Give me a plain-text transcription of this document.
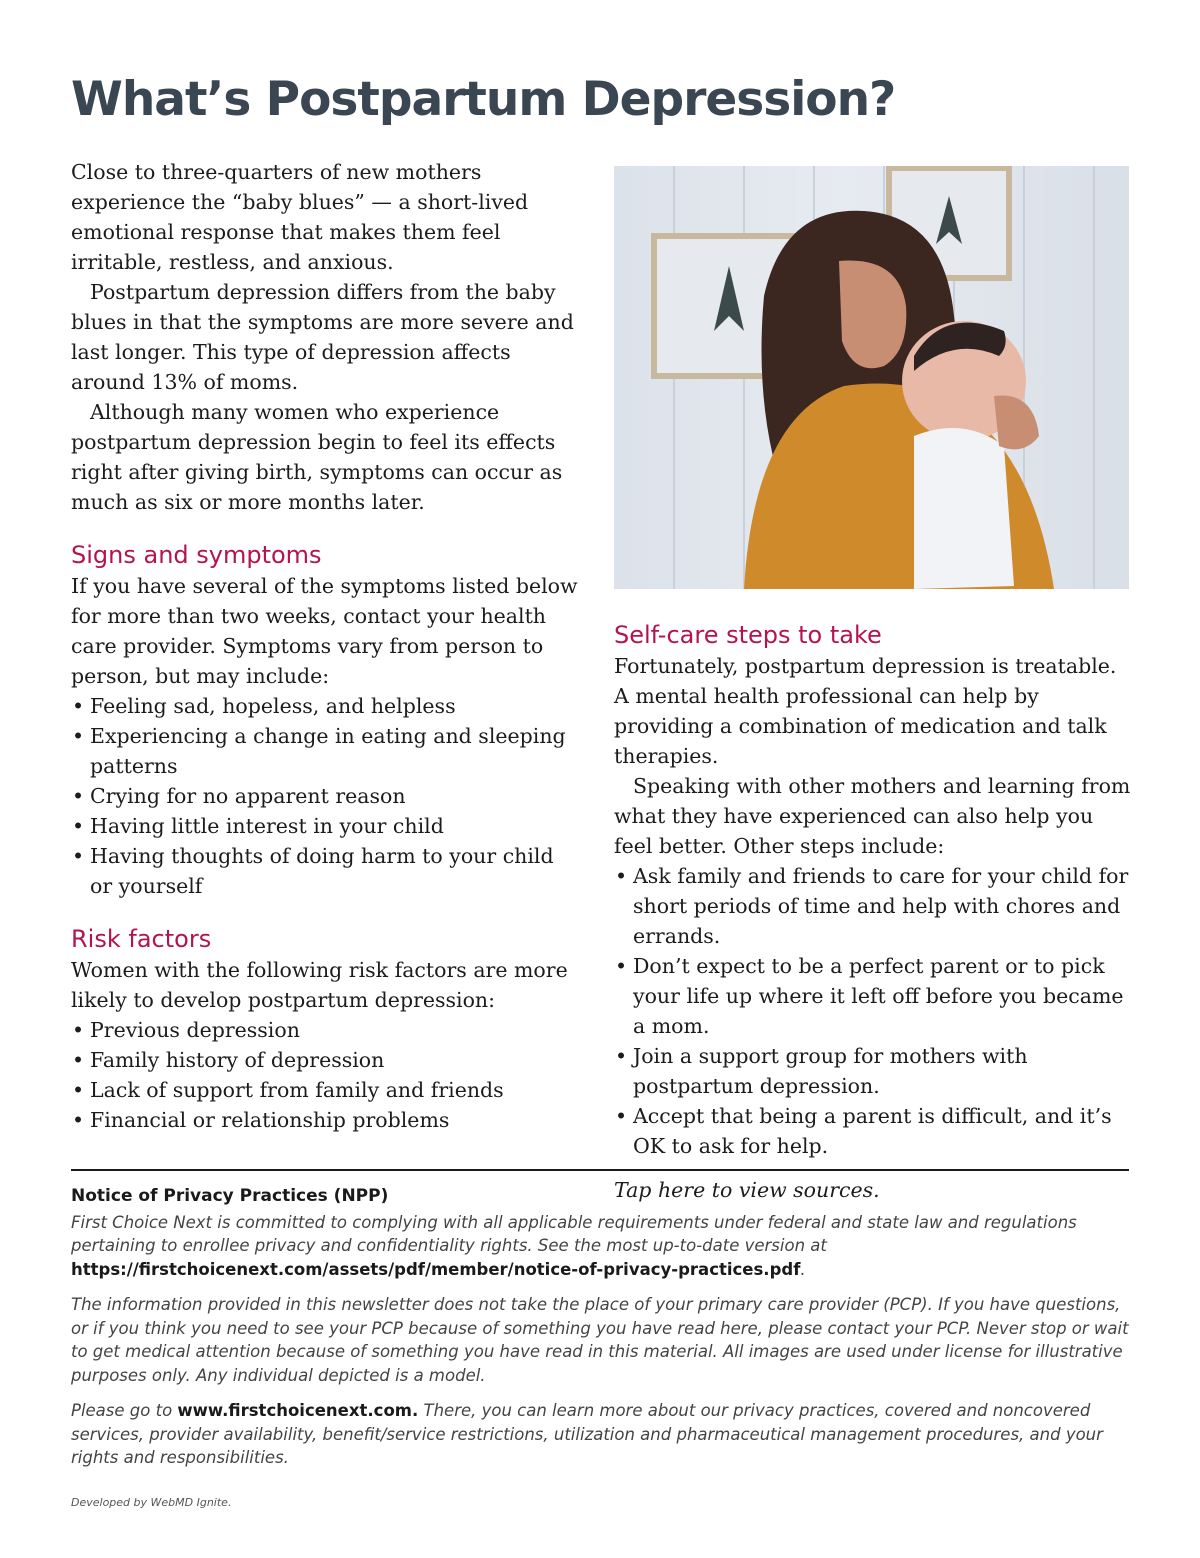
What’s Postpartum Depression?

Close to three-quarters of new mothers experience the “baby blues” — a short-lived emotional response that makes them feel irritable, restless, and anxious.

Postpartum depression differs from the baby blues in that the symptoms are more severe and last longer. This type of depression affects around 13% of moms.

Although many women who experience postpartum depression begin to feel its effects right after giving birth, symptoms can occur as much as six or more months later.

Signs and symptoms

If you have several of the symptoms listed below for more than two weeks, contact your health care provider. Symptoms vary from person to person, but may include:

• Feeling sad, hopeless, and helpless
• Experiencing a change in eating and sleeping patterns
• Crying for no apparent reason
• Having little interest in your child
• Having thoughts of doing harm to your child or yourself
Risk factors

Women with the following risk factors are more likely to develop postpartum depression:

• Previous depression
• Family history of depression
• Lack of support from family and friends
• Financial or relationship problems
Self-care steps to take

Fortunately, postpartum depression is treatable. A mental health professional can help by providing a combination of medication and talk therapies.

Speaking with other mothers and learning from what they have experienced can also help you feel better. Other steps include:

• Ask family and friends to care for your child for short periods of time and help with chores and errands.
• Don’t expect to be a perfect parent or to pick your life up where it left off before you became a mom.
• Join a support group for mothers with postpartum depression.
• Accept that being a parent is difficult, and it’s OK to ask for help.

Tap here to view sources.

Notice of Privacy Practices (NPP)

First Choice Next is committed to complying with all applicable requirements under federal and state law and regulations pertaining to enrollee privacy and confidentiality rights. See the most up-to-date version at https://firstchoicenext.com/assets/pdf/member/notice-of-privacy-practices.pdf.

The information provided in this newsletter does not take the place of your primary care provider (PCP). If you have questions, or if you think you need to see your PCP because of something you have read here, please contact your PCP. Never stop or wait to get medical attention because of something you have read in this material. All images are used under license for illustrative purposes only. Any individual depicted is a model.

Please go to www.firstchoicenext.com. There, you can learn more about our privacy practices, covered and noncovered services, provider availability, benefit/service restrictions, utilization and pharmaceutical management procedures, and your rights and responsibilities.

Developed by WebMD Ignite.
